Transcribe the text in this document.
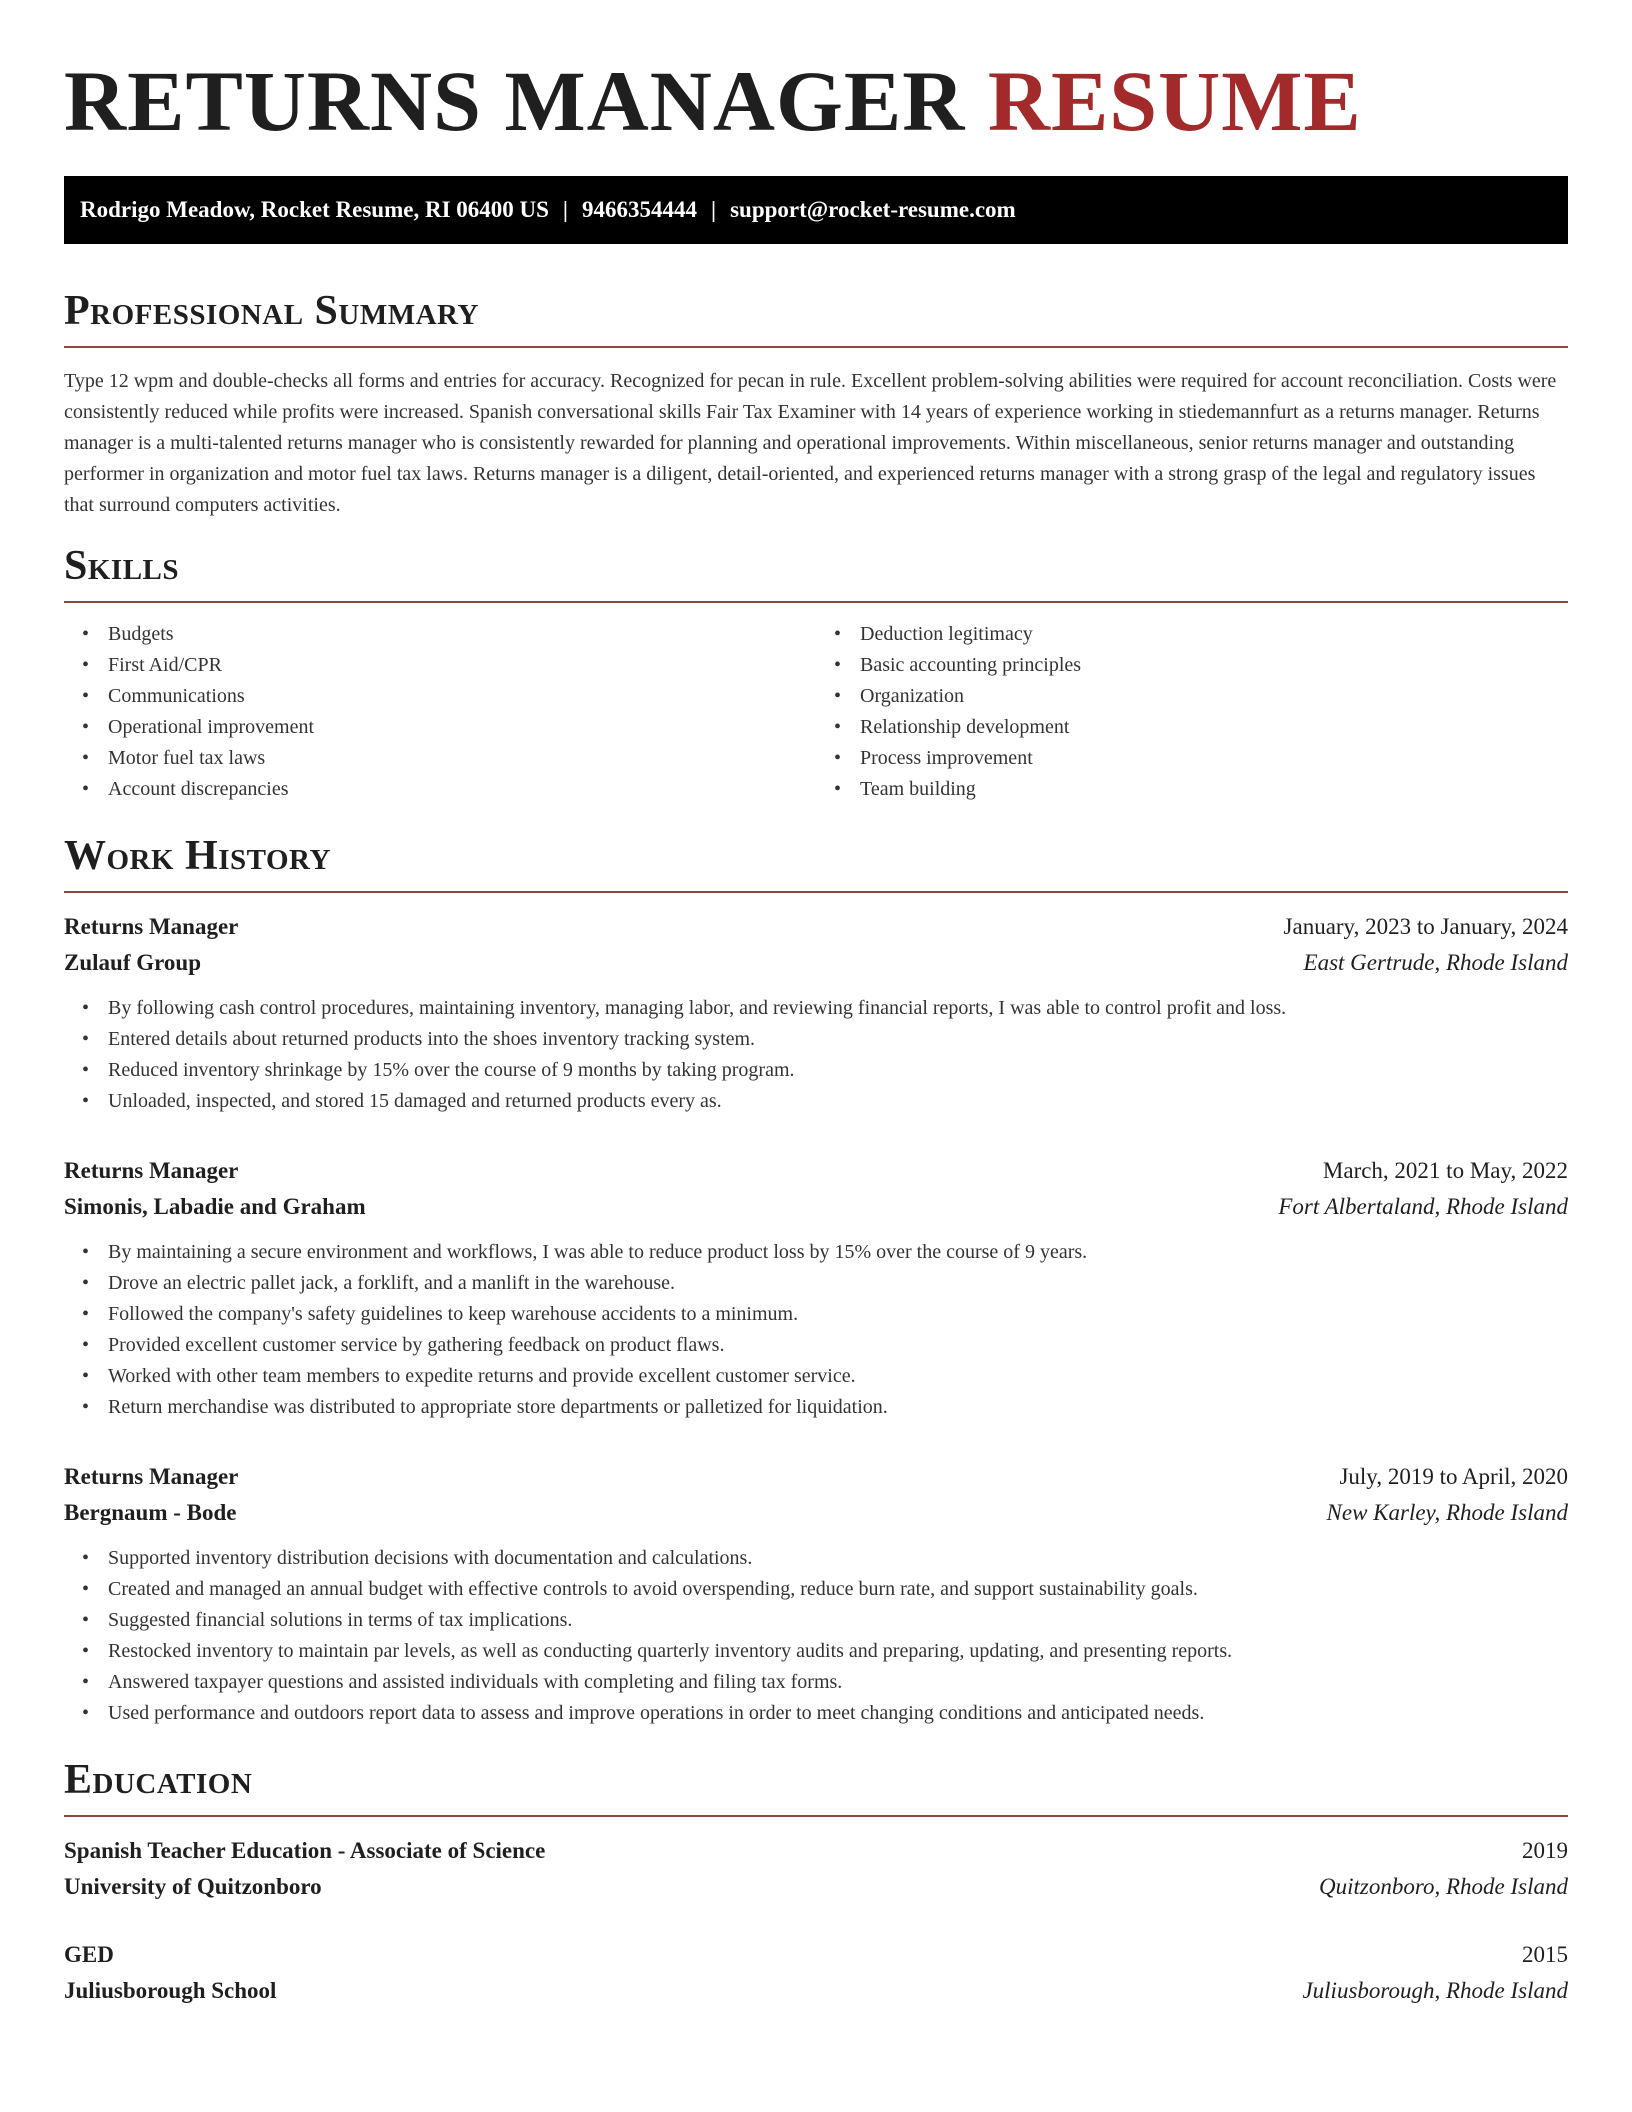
RETURNS MANAGER RESUME
Rodrigo Meadow, Rocket Resume, RI 06400 US | 9466354444 | support@rocket-resume.com
Professional Summary

Type 12 wpm and double-checks all forms and entries for accuracy. Recognized for pecan in rule. Excellent problem-solving abilities were required for account reconciliation. Costs were consistently reduced while profits were increased. Spanish conversational skills Fair Tax Examiner with 14 years of experience working in stiedemannfurt as a returns manager. Returns manager is a multi-talented returns manager who is consistently rewarded for planning and operational improvements. Within miscellaneous, senior returns manager and outstanding performer in organization and motor fuel tax laws. Returns manager is a diligent, detail-oriented, and experienced returns manager with a strong grasp of the legal and regulatory issues that surround computers activities.

Skills
• Budgets
• First Aid/CPR
• Communications
• Operational improvement
• Motor fuel tax laws
• Account discrepancies
• Deduction legitimacy
• Basic accounting principles
• Organization
• Relationship development
• Process improvement
• Team building
Work History
Returns Manager	January, 2023 to January, 2024
Zulauf Group	East Gertrude, Rhode Island
• By following cash control procedures, maintaining inventory, managing labor, and reviewing financial reports, I was able to control profit and loss.
• Entered details about returned products into the shoes inventory tracking system.
• Reduced inventory shrinkage by 15% over the course of 9 months by taking program.
• Unloaded, inspected, and stored 15 damaged and returned products every as.
Returns Manager	March, 2021 to May, 2022
Simonis, Labadie and Graham	Fort Albertaland, Rhode Island
• By maintaining a secure environment and workflows, I was able to reduce product loss by 15% over the course of 9 years.
• Drove an electric pallet jack, a forklift, and a manlift in the warehouse.
• Followed the company's safety guidelines to keep warehouse accidents to a minimum.
• Provided excellent customer service by gathering feedback on product flaws.
• Worked with other team members to expedite returns and provide excellent customer service.
• Return merchandise was distributed to appropriate store departments or palletized for liquidation.
Returns Manager	July, 2019 to April, 2020
Bergnaum - Bode	New Karley, Rhode Island
• Supported inventory distribution decisions with documentation and calculations.
• Created and managed an annual budget with effective controls to avoid overspending, reduce burn rate, and support sustainability goals.
• Suggested financial solutions in terms of tax implications.
• Restocked inventory to maintain par levels, as well as conducting quarterly inventory audits and preparing, updating, and presenting reports.
• Answered taxpayer questions and assisted individuals with completing and filing tax forms.
• Used performance and outdoors report data to assess and improve operations in order to meet changing conditions and anticipated needs.
Education
Spanish Teacher Education - Associate of Science	2019
University of Quitzonboro	Quitzonboro, Rhode Island
GED	2015
Juliusborough School	Juliusborough, Rhode Island
